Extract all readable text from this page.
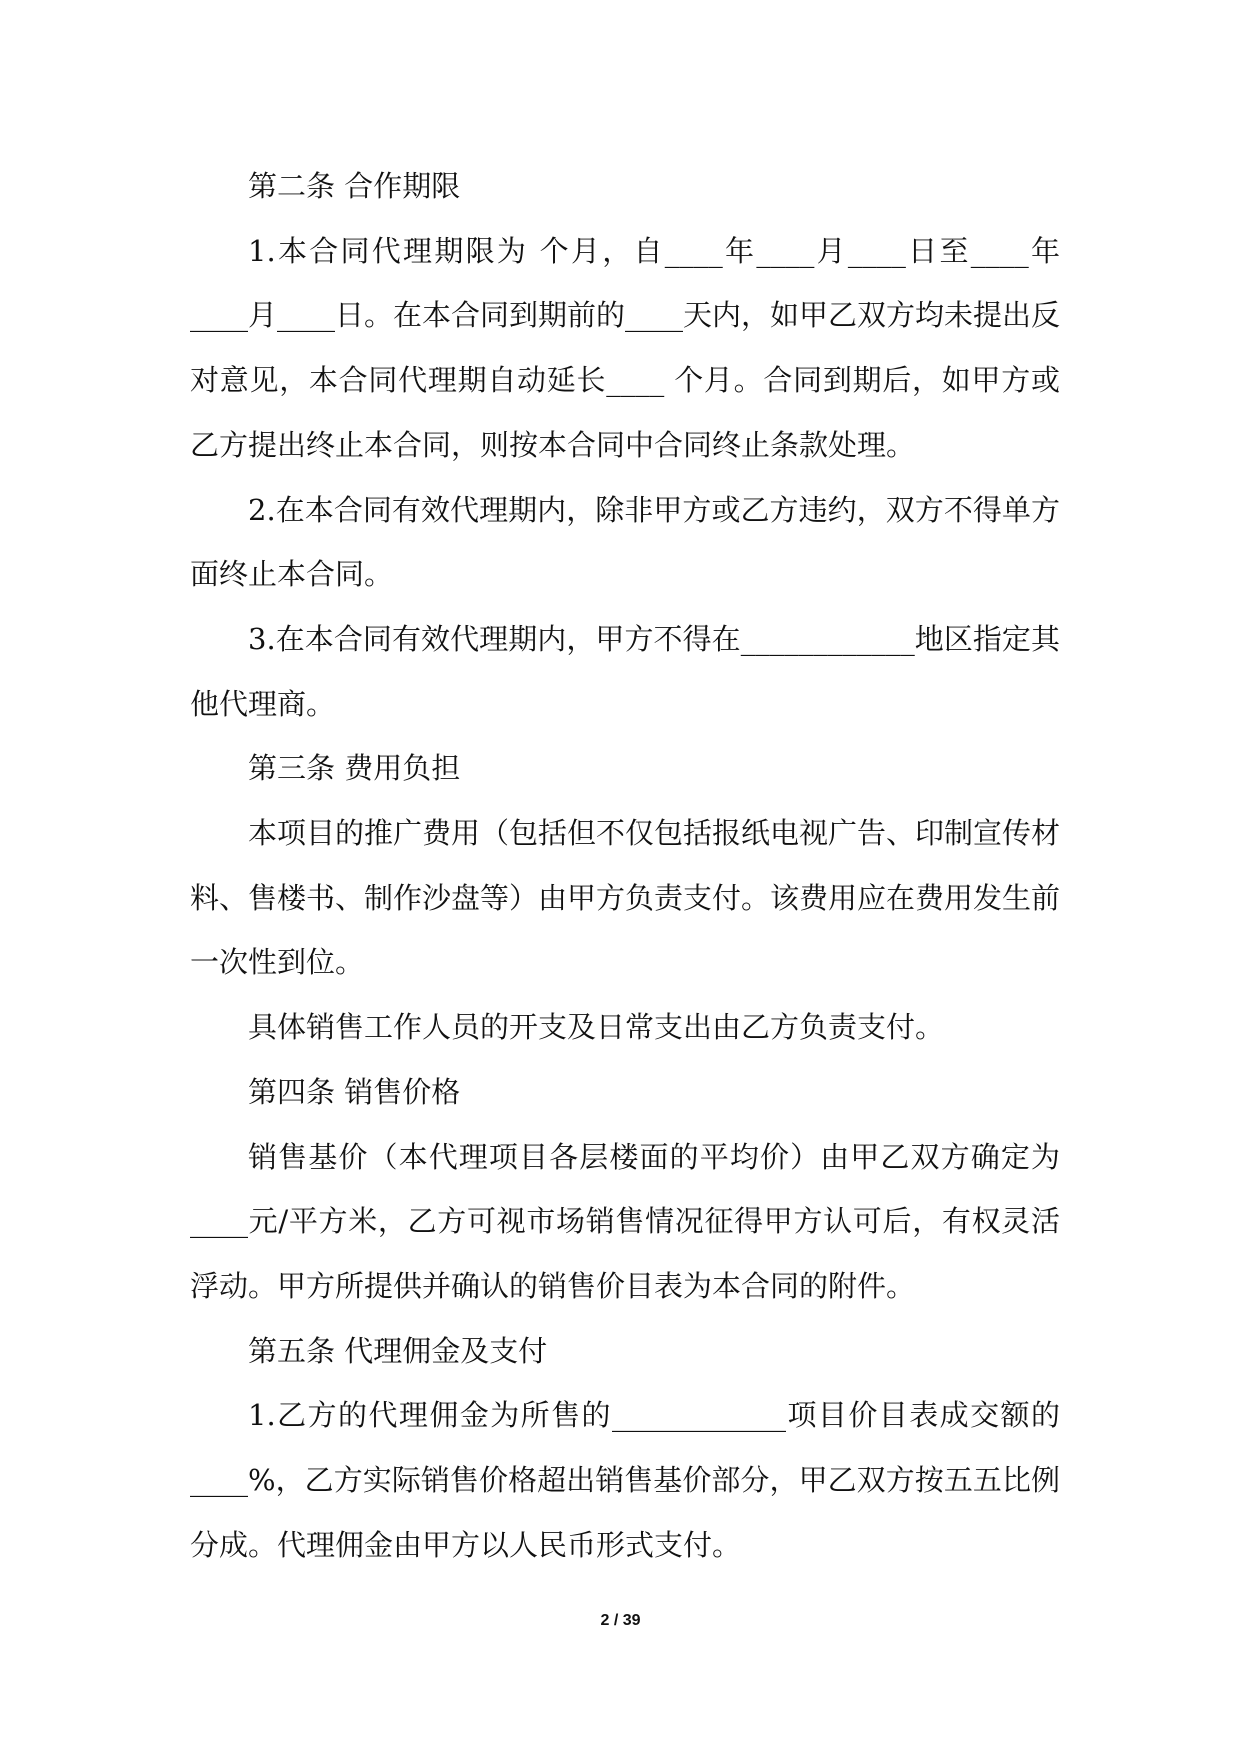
第二条 合作期限

1.本合同代理期限为 个月，自____年____月____日至____年____月____日。在本合同到期前的____天内，如甲乙双方均未提出反对意见，本合同代理期自动延长____ 个月。合同到期后，如甲方或乙方提出终止本合同，则按本合同中合同终止条款处理。

2.在本合同有效代理期内，除非甲方或乙方违约，双方不得单方面终止本合同。

3.在本合同有效代理期内，甲方不得在____________地区指定其他代理商。

第三条 费用负担

本项目的推广费用（包括但不仅包括报纸电视广告、印制宣传材料、售楼书、制作沙盘等）由甲方负责支付。该费用应在费用发生前一次性到位。

具体销售工作人员的开支及日常支出由乙方负责支付。

第四条 销售价格

销售基价（本代理项目各层楼面的平均价）由甲乙双方确定为____元/平方米，乙方可视市场销售情况征得甲方认可后，有权灵活浮动。甲方所提供并确认的销售价目表为本合同的附件。

第五条 代理佣金及支付

1.乙方的代理佣金为所售的____________项目价目表成交额的____%，乙方实际销售价格超出销售基价部分，甲乙双方按五五比例分成。代理佣金由甲方以人民币形式支付。

2 / 39
